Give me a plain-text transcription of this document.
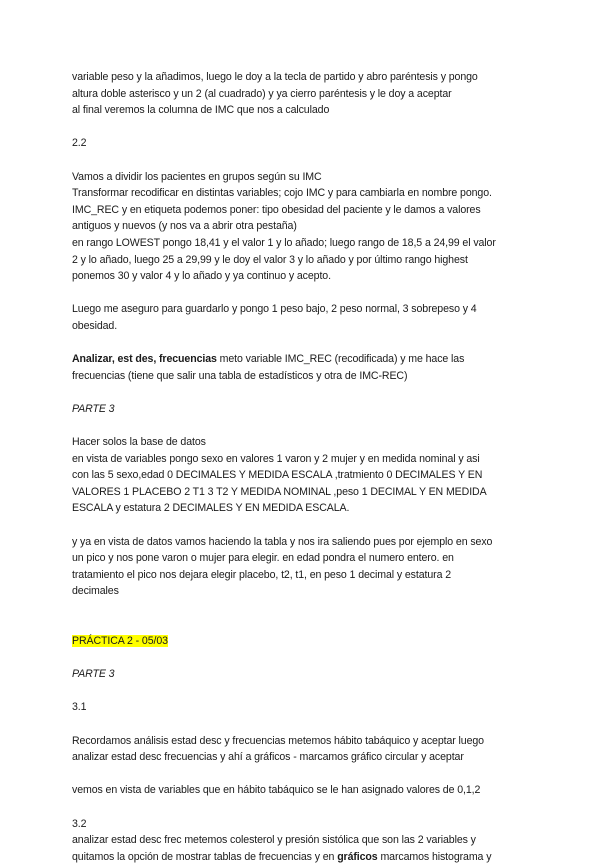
variable peso y la añadimos, luego le doy a la tecla de partido y abro paréntesis y pongo
altura doble asterisco y un 2 (al cuadrado) y ya cierro paréntesis y le doy a aceptar
al final veremos la columna de IMC que nos a calculado

2.2

Vamos a dividir los pacientes en grupos según su IMC
Transformar recodificar en distintas variables; cojo IMC y para cambiarla en nombre pongo.
IMC_REC y en etiqueta podemos poner: tipo obesidad del paciente y le damos a valores
antiguos y nuevos (y nos va a abrir otra pestaña)
en rango LOWEST pongo 18,41 y el valor 1 y lo añado; luego rango de 18,5 a 24,99 el valor
2 y lo añado, luego 25 a 29,99 y le doy el valor 3 y lo añado y por último rango highest
ponemos 30 y valor 4 y lo añado y ya continuo y acepto.

Luego me aseguro para guardarlo y pongo 1 peso bajo, 2 peso normal, 3 sobrepeso y 4
obesidad.

Analizar, est des, frecuencias meto variable IMC_REC (recodificada) y me hace las
frecuencias (tiene que salir una tabla de estadísticos y otra de IMC-REC)

PARTE 3

Hacer solos la base de datos
en vista de variables pongo sexo en valores 1 varon y 2 mujer y en medida nominal y asi
con las 5 sexo,edad 0 DECIMALES Y MEDIDA ESCALA ,tratmiento 0 DECIMALES Y EN
VALORES 1 PLACEBO 2 T1 3 T2 Y MEDIDA NOMINAL ,peso 1 DECIMAL Y EN MEDIDA
ESCALA y estatura 2 DECIMALES Y EN MEDIDA ESCALA.

y ya en vista de datos vamos haciendo la tabla y nos ira saliendo pues por ejemplo en sexo
un pico y nos pone varon o mujer para elegir. en edad pondra el numero entero. en
tratamiento el pico nos dejara elegir placebo, t2, t1, en peso 1 decimal y estatura 2
decimales

PRÁCTICA 2 - 05/03

PARTE 3

3.1

Recordamos análisis estad desc y frecuencias metemos hábito tabáquico y aceptar luego
analizar estad desc frecuencias y ahí a gráficos - marcamos gráfico circular y aceptar

vemos en vista de variables que en hábito tabáquico se le han asignado valores de 0,1,2

3.2

analizar estad desc frec metemos colesterol y presión sistólica que son las 2 variables y
quitamos la opción de mostrar tablas de frecuencias y en gráficos marcamos histograma y
